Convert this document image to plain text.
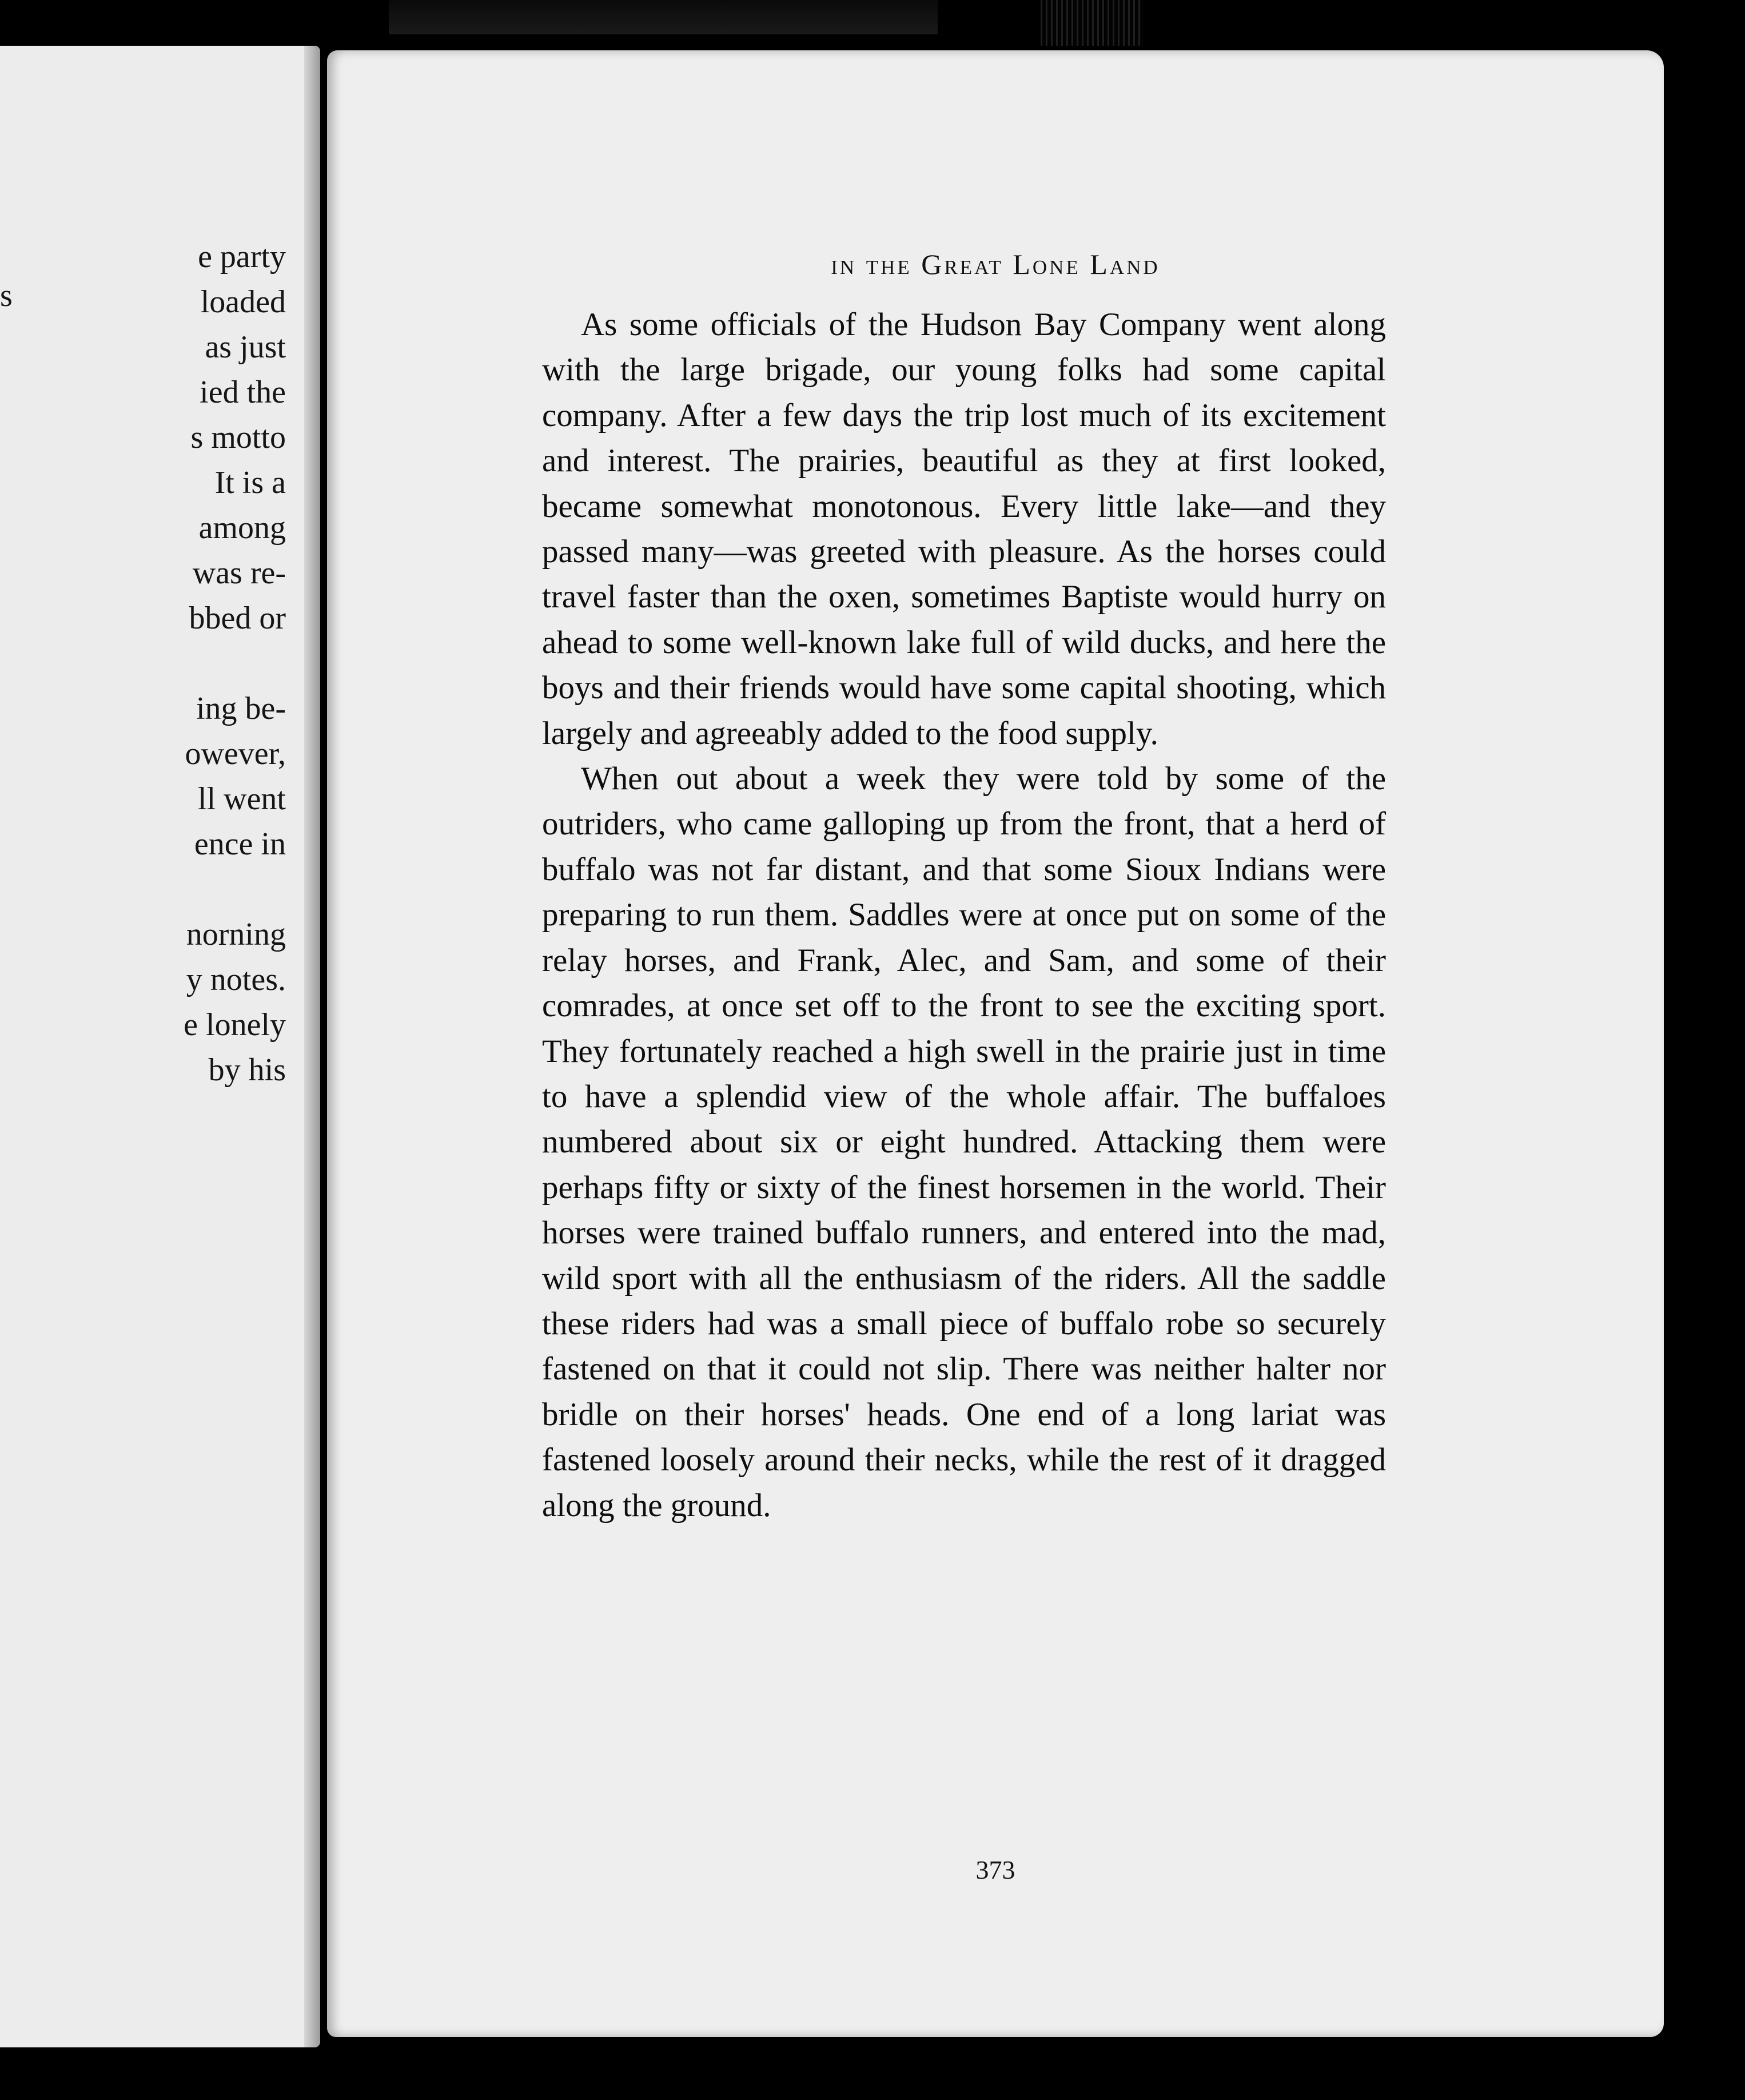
s
e party
loaded
as just
ied the
s motto
It is a
among
was re-
bbed or
ing be-
owever,
ll went
ence in
norning
y notes.
e lonely
by his
in the Great Lone Land

As some officials of the Hudson Bay Company went along with the large brigade, our young folks had some capital company. After a few days the trip lost much of its excitement and interest. The prairies, beautiful as they at first looked, became somewhat monotonous. Every little lake—and they passed many—was greeted with pleasure. As the horses could travel faster than the oxen, sometimes Baptiste would hurry on ahead to some well-known lake full of wild ducks, and here the boys and their friends would have some capital shooting, which largely and agreeably added to the food supply.

When out about a week they were told by some of the outriders, who came galloping up from the front, that a herd of buffalo was not far distant, and that some Sioux Indians were preparing to run them. Saddles were at once put on some of the relay horses, and Frank, Alec, and Sam, and some of their comrades, at once set off to the front to see the exciting sport. They fortunately reached a high swell in the prairie just in time to have a splendid view of the whole affair. The buffaloes numbered about six or eight hundred. Attacking them were perhaps fifty or sixty of the finest horsemen in the world. Their horses were trained buffalo runners, and entered into the mad, wild sport with all the enthusiasm of the riders. All the saddle these riders had was a small piece of buffalo robe so securely fastened on that it could not slip. There was neither halter nor bridle on their horses' heads. One end of a long lariat was fastened loosely around their necks, while the rest of it dragged along the ground.

373
